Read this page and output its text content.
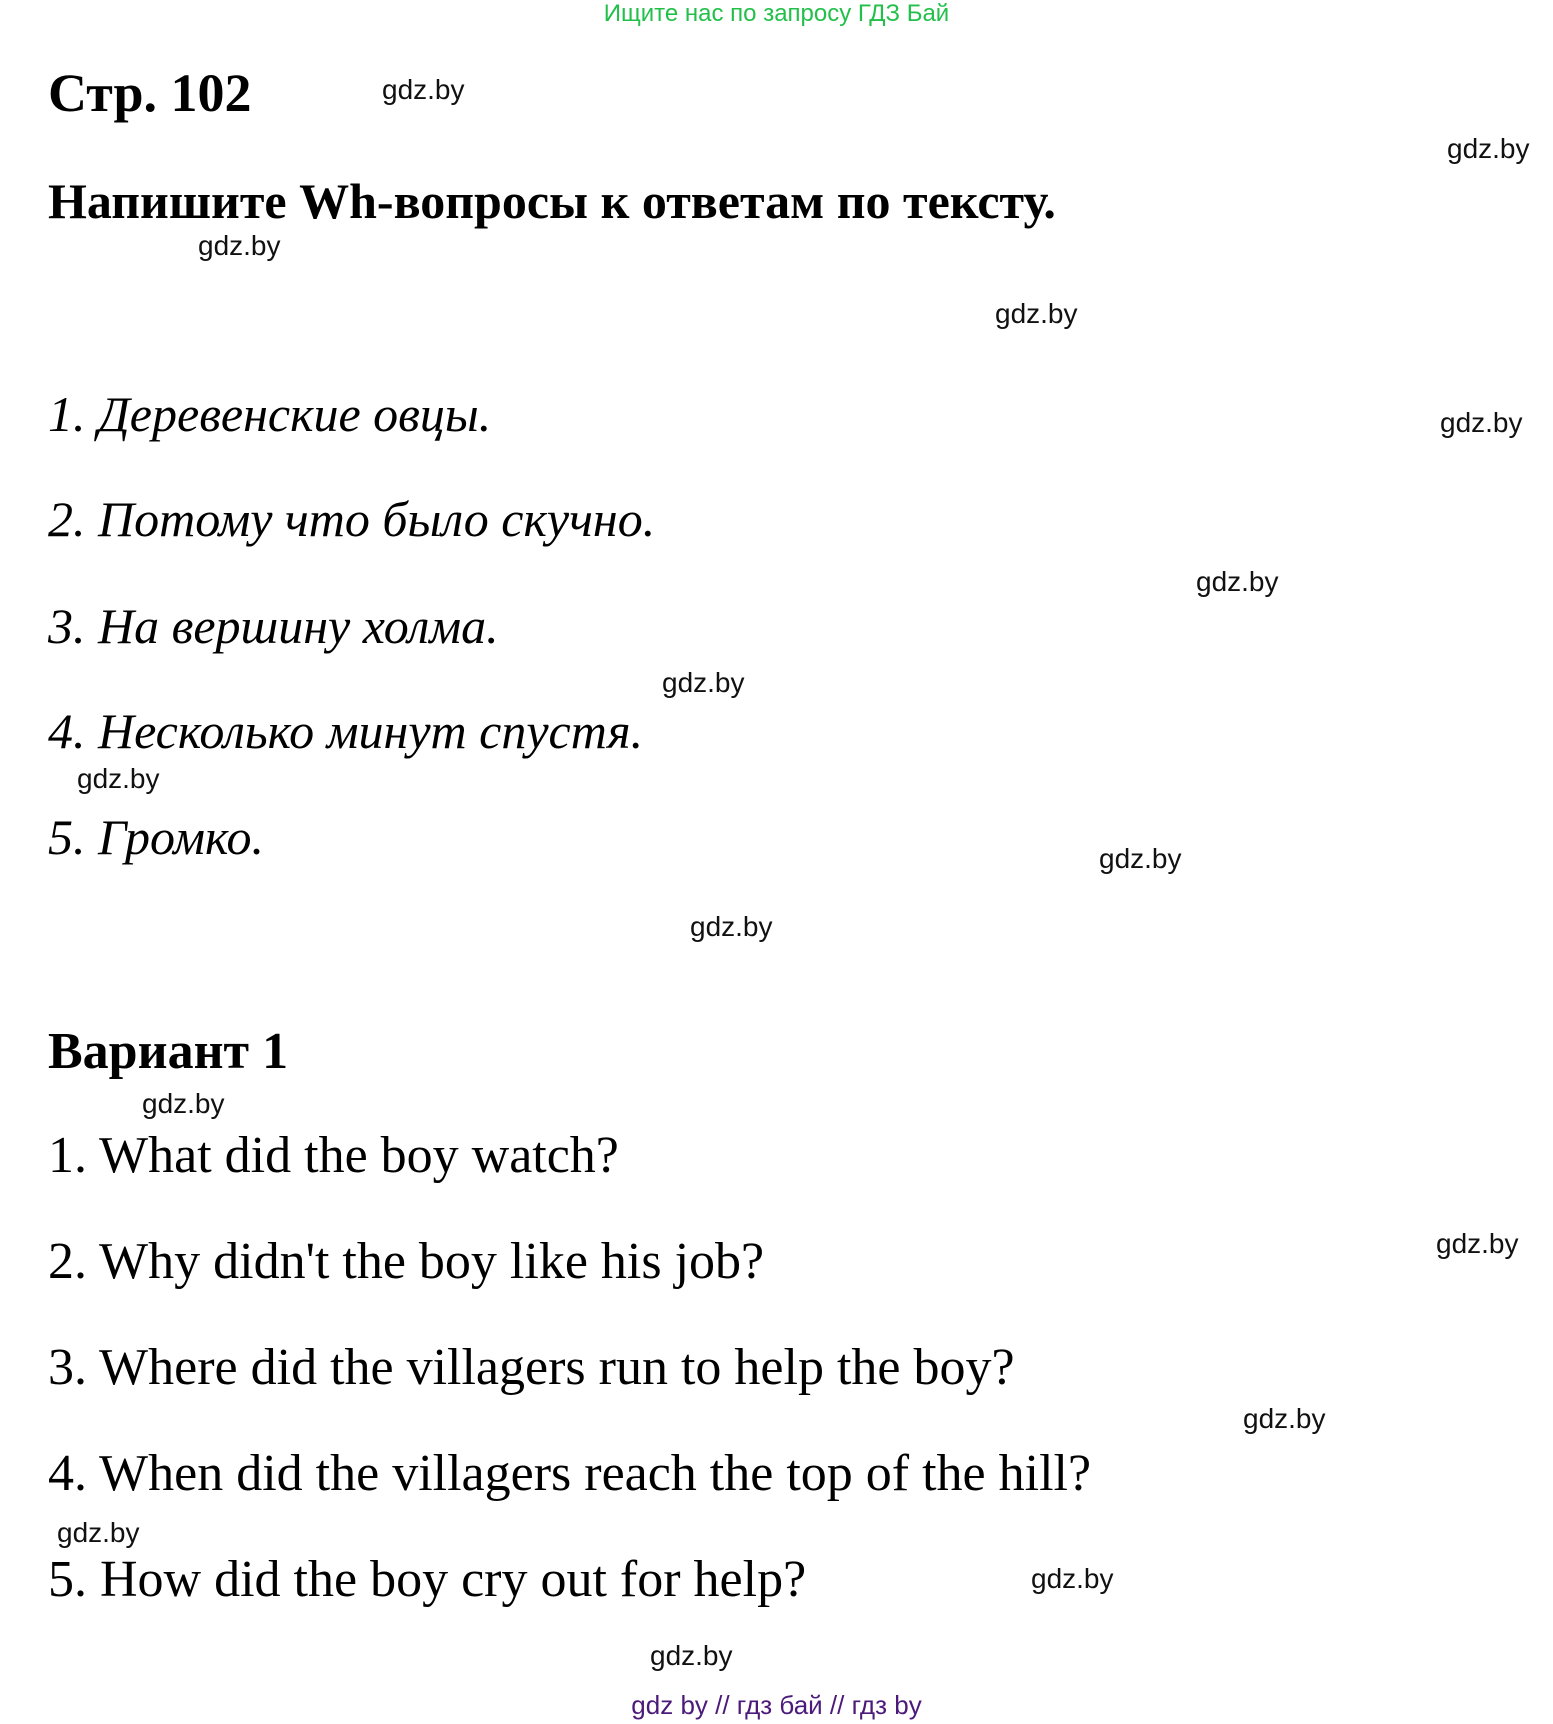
Ищите нас по запросу ГДЗ Бай
Стр. 102
Напишите Wh-вопросы к ответам по тексту.
1. Деревенские овцы.
2. Потому что было скучно.
3. На вершину холма.
4. Несколько минут спустя.
5. Громко.
Вариант 1
1. What did the boy watch?
2. Why didn't the boy like his job?
3. Where did the villagers run to help the boy?
4. When did the villagers reach the top of the hill?
5. How did the boy cry out for help?
gdz.by
gdz.by
gdz.by
gdz.by
gdz.by
gdz.by
gdz.by
gdz.by
gdz.by
gdz.by
gdz.by
gdz.by
gdz.by
gdz.by
gdz.by
gdz.by
gdz by // гдз бай // гдз by
